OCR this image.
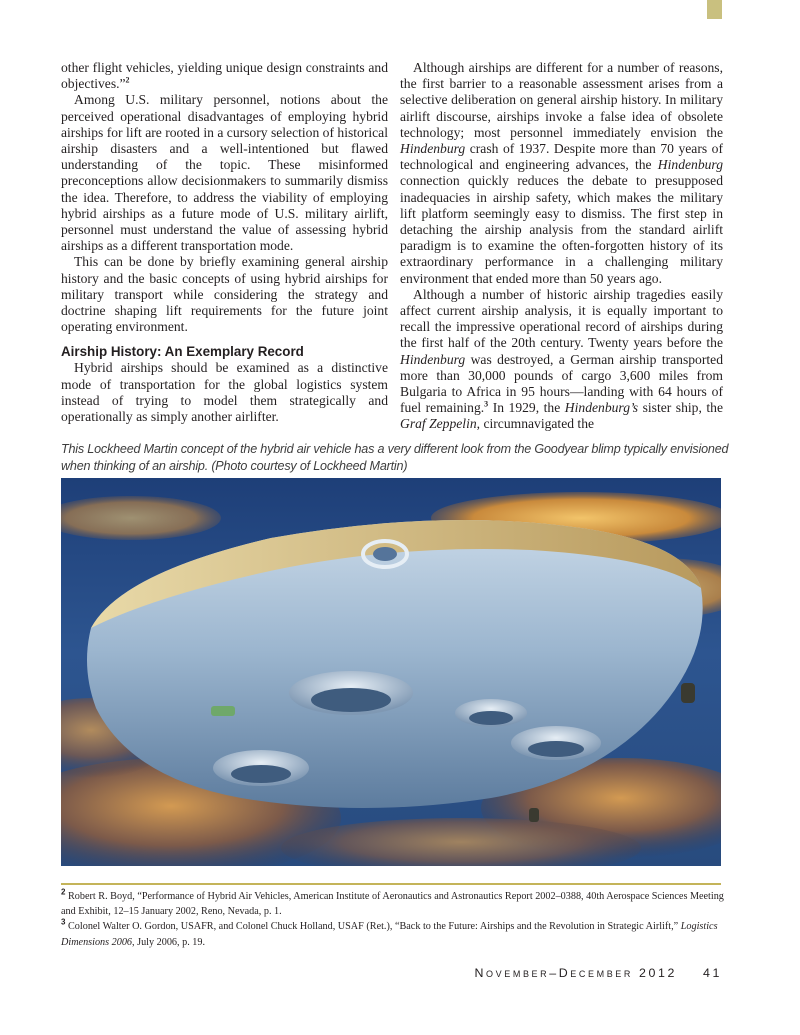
other flight vehicles, yielding unique design constraints and objectives.”$^2$

Among U.S. military personnel, notions about the perceived operational disadvantages of employing hybrid airships for lift are rooted in a cursory selection of historical airship disasters and a well-intentioned but flawed understanding of the topic. These misinformed preconceptions allow decisionmakers to summarily dismiss the idea. Therefore, to address the viability of employing hybrid airships as a future mode of U.S. military airlift, personnel must understand the value of assessing hybrid airships as a different transportation mode.

This can be done by briefly examining general airship history and the basic concepts of using hybrid airships for military transport while considering the strategy and doctrine shaping lift requirements for the future joint operating environment.

Airship History: An Exemplary Record

Hybrid airships should be examined as a distinctive mode of transportation for the global logistics system instead of trying to model them strategically and operationally as simply another airlifter.

Although airships are different for a number of reasons, the first barrier to a reasonable assessment arises from a selective deliberation on general airship history. In military airlift discourse, airships invoke a false idea of obsolete technology; most personnel immediately envision the Hindenburg crash of 1937. Despite more than 70 years of technological and engineering advances, the Hindenburg connection quickly reduces the debate to presupposed inadequacies in airship safety, which makes the military lift platform seemingly easy to dismiss. The first step in detaching the airship analysis from the standard airlift paradigm is to examine the often-forgotten history of its extraordinary performance in a challenging military environment that ended more than 50 years ago.

Although a number of historic airship tragedies easily affect current airship analysis, it is equally important to recall the impressive operational record of airships during the first half of the 20th century. Twenty years before the Hindenburg was destroyed, a German airship transported more than 30,000 pounds of cargo 3,600 miles from Bulgaria to Africa in 95 hours—landing with 64 hours of fuel remaining.$^3$ In 1929, the Hindenburg’s sister ship, the Graf Zeppelin, circumnavigated the

This Lockheed Martin concept of the hybrid air vehicle has a very different look from the Goodyear blimp typically envisioned when thinking of an airship. (Photo courtesy of Lockheed Martin)

$^2$ Robert R. Boyd, “Performance of Hybrid Air Vehicles, American Institute of Aeronautics and Astronautics Report 2002–0388, 40th Aerospace Sciences Meeting and Exhibit, 12–15 January 2002, Reno, Nevada, p. 1.

$^3$ Colonel Walter O. Gordon, USAFR, and Colonel Chuck Holland, USAF (Ret.), “Back to the Future: Airships and the Revolution in Strategic Airlift,” Logistics Dimensions 2006, July 2006, p. 19.

November–December 2012 41
